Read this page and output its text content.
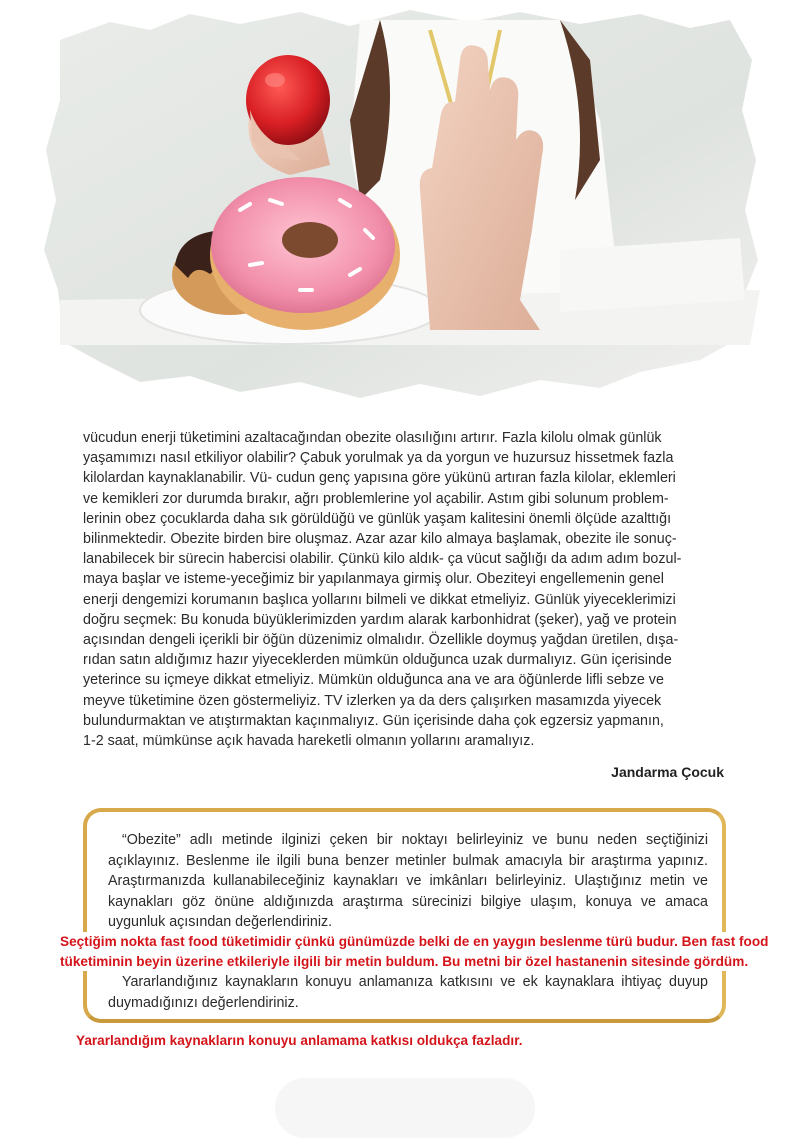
vücudun enerji tüketimini azaltacağından obezite olasılığını artırır. Fazla kilolu olmak günlük

yaşamımızı nasıl etkiliyor olabilir? Çabuk yorulmak ya da yorgun ve huzursuz hissetmek fazla

kilolardan kaynaklanabilir. Vü- cudun genç yapısına göre yükünü artıran fazla kilolar, eklemleri

ve kemikleri zor durumda bırakır, ağrı problemlerine yol açabilir. Astım gibi solunum problem-

lerinin obez çocuklarda daha sık görüldüğü ve günlük yaşam kalitesini önemli ölçüde azalttığı

bilinmektedir. Obezite birden bire oluşmaz. Azar azar kilo almaya başlamak, obezite ile sonuç-

lanabilecek bir sürecin habercisi olabilir. Çünkü kilo aldık- ça vücut sağlığı da adım adım bozul-

maya başlar ve isteme-yeceğimiz bir yapılanmaya girmiş olur. Obeziteyi engellemenin genel

enerji dengemizi korumanın başlıca yollarını bilmeli ve dikkat etmeliyiz. Günlük yiyeceklerimizi

doğru seçmek: Bu konuda büyüklerimizden yardım alarak karbonhidrat (şeker), yağ ve protein

açısından dengeli içerikli bir öğün düzenimiz olmalıdır. Özellikle doymuş yağdan üretilen, dışa-

rıdan satın aldığımız hazır yiyeceklerden mümkün olduğunca uzak durmalıyız. Gün içerisinde

yeterince su içmeye dikkat etmeliyiz. Mümkün olduğunca ana ve ara öğünlerde lifli sebze ve

meyve tüketimine özen göstermeliyiz. TV izlerken ya da ders çalışırken masamızda yiyecek

bulundurmaktan ve atıştırmaktan kaçınmalıyız. Gün içerisinde daha çok egzersiz yapmanın,

1-2 saat, mümkünse açık havada hareketli olmanın yollarını aramalıyız.

Jandarma Çocuk
“Obezite” adlı metinde ilginizi çeken bir noktayı belirleyiniz ve bunu neden seçtiğinizi açıklayınız. Beslenme ile ilgili buna benzer metinler bulmak amacıyla bir araştırma yapınız. Araştırmanızda kullanabileceğiniz kaynakları ve imkânları belirleyiniz. Ulaştığınız metin ve kaynakları göz önüne aldığınızda araştırma sürecinizi bilgiye ulaşım, konuya ve amaca uygunluk açısından değerlendiriniz.
Seçtiğim nokta fast food tüketimidir çünkü günümüzde belki de en yaygın beslenme türü budur. Ben fast food
tüketiminin beyin üzerine etkileriyle ilgili bir metin buldum. Bu metni bir özel hastanenin sitesinde gördüm.
Yararlandığınız kaynakların konuyu anlamanıza katkısını ve ek kaynaklara ihtiyaç duyup duymadığınızı değerlendiriniz.
Yararlandığım kaynakların konuyu anlamama katkısı oldukça fazladır.
